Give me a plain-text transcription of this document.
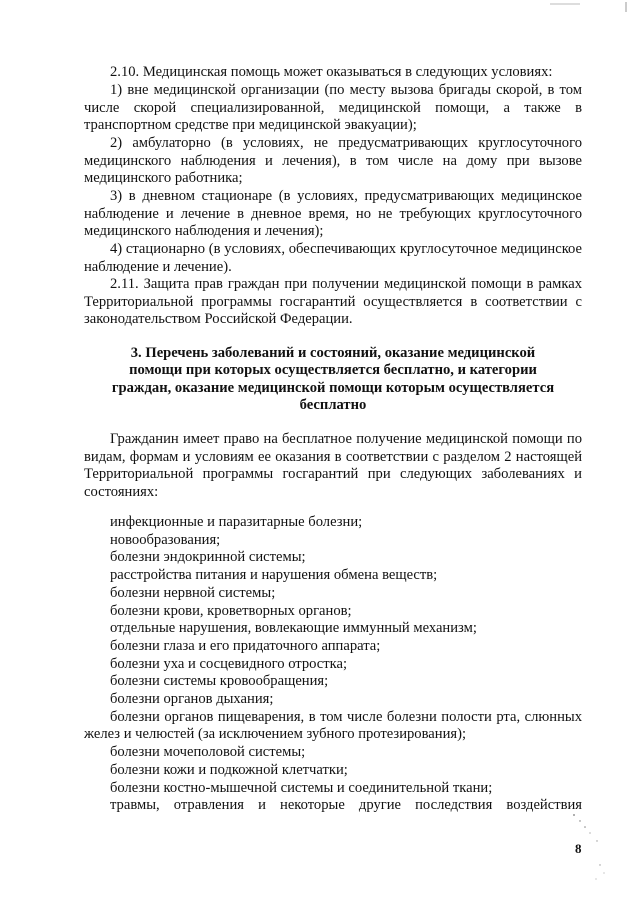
2.10. Медицинская помощь может оказываться в следующих условиях:

1) вне медицинской организации (по месту вызова бригады скорой, в том числе скорой специализированной, медицинской помощи, а также в транспортном средстве при медицинской эвакуации);

2) амбулаторно (в условиях, не предусматривающих круглосуточного медицинского наблюдения и лечения), в том числе на дому при вызове медицинского работника;

3) в дневном стационаре (в условиях, предусматривающих медицинское наблюдение и лечение в дневное время, но не требующих круглосуточного медицинского наблюдения и лечения);

4) стационарно (в условиях, обеспечивающих круглосуточное медицинское наблюдение и лечение).

2.11. Защита прав граждан при получении медицинской помощи в рамках Территориальной программы госгарантий осуществляется в соответствии с законодательством Российской Федерации.

3. Перечень заболеваний и состояний, оказание медицинской помощи при которых осуществляется бесплатно, и категории граждан, оказание медицинской помощи которым осуществляется бесплатно

Гражданин имеет право на бесплатное получение медицинской помощи по видам, формам и условиям ее оказания в соответствии с разделом 2 настоящей Территориальной программы госгарантий при следующих заболеваниях и состояниях:

инфекционные и паразитарные болезни;
новообразования;
болезни эндокринной системы;
расстройства питания и нарушения обмена веществ;
болезни нервной системы;
болезни крови, кроветворных органов;
отдельные нарушения, вовлекающие иммунный механизм;
болезни глаза и его придаточного аппарата;
болезни уха и сосцевидного отростка;
болезни системы кровообращения;
болезни органов дыхания;
болезни органов пищеварения, в том числе болезни полости рта, слюнных желез и челюстей (за исключением зубного протезирования);
болезни мочеполовой системы;
болезни кожи и подкожной клетчатки;
болезни костно-мышечной системы и соединительной ткани;
травмы, отравления и некоторые другие последствия воздействия
8
